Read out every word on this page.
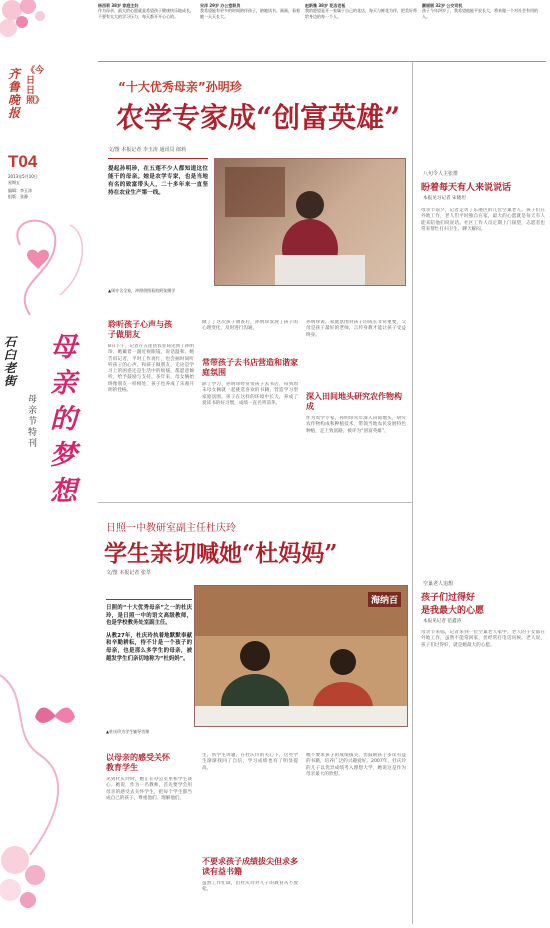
杨西莉 38岁 家庭主妇
作为母亲，最大的心愿就是希望孩子健康快乐地成长，不要有太大的学习压力，每天都开开心心的。
宋洋 29岁 办公室职员
我希望能有更多的时间陪伴孩子，陪她读书、画画，看着她一天天长大。
赵新雅 38岁 花店老板
我的愿望是开一家属于自己的花店，每天与鲜花为伴，把美好带给身边的每一个人。
颜丽丽 32岁 公交司机
孩子今年四岁了，我希望他能平安长大，将来做一个对社会有用的人。
齐鲁晚报
《今日日照》
T04
2013年5月10日
星期五
编辑：李玉涛
组版：张静
石臼老街
母亲的梦想
母亲节特刊
“十大优秀母亲”孙明珍
农学专家成“创富英雄”
文/图 本报记者 李玉涛 通讯员 郎莉
提起孙明珍，在五莲不少人都知道这位能干的母亲。她是农学专家，也是当地有名的致富带头人，二十多年来一直坚持在农业生产第一线。
▲周亦含全家，冲照供图看拍阿张摄学
聆听孩子心声与孩子做朋友
8日下午，记者在五莲县农业局见到了孙明珍，她戴着一副近视眼镜，说话温和。她告诉记者，平时工作再忙，也会抽时间听听孩子的心声，和孩子做朋友，无论是学习上的困惑还是生活中的烦恼，都愿意倾听，给予鼓励与支持。多年来，母女俩始终像朋友一样相处，孩子也养成了乐观开朗的性格。
做了了这次孩子调查后，孙明珍发现了孩子的心理变化，及时进行沟通。
常带孩子去书店营造和谐家庭氛围
除了学习，孙明珍经常带孩子去书店，每到周末母女俩就一起挑选喜欢的书籍，营造学习型家庭氛围。孩子在这样的环境中长大，养成了爱读书的好习惯，成绩一直名列前茅。
孙明珍说，家庭氛围对孩子的成长非常重要，父母是孩子最好的老师，言传身教才能让孩子受益终身。
深入田间地头研究农作物构成
作为农学专家，孙明珍常年深入田间地头，研究农作物构成和种植技术，带领当地农民发展特色种植，走上致富路，被评为“创富英雄”。
八句令人主张排
盼着每天有人来说说话
本报见习记者 宋晓坦
母亲节前夕，记者走访了东港区的几位空巢老人。孩子们在外地工作，老人们平时独自在家，最大的心愿就是每天有人能来陪他们说说话。社区工作人员定期上门探望，志愿者也常来帮忙打扫卫生、聊天解闷。
空巢老人追想
孩子们过得好
是我最大的心愿
本报见记者 范鑫涛
母亲节来临，记者来到一位空巢老人家中。老人的子女都在外地工作，虽然不能常回家，但经常打电话问候。老人说，孩子们过得好，就是她最大的心愿。
日照一中教研室副主任杜庆玲
学生亲切喊她“杜妈妈”
文/图 本报记者 张萃
日照的“十大优秀母亲”之一的杜庆玲，是日照一中的语文高级教师，也是学校教务处室副主任。
从教27年，杜庆玲执着地默默奉献和辛勤耕耘，待不计是一个孩子的母亲，也是那么多学生的母亲，被越发学生们亲切地称为“杜妈妈”。
海纳百
▲杜庆玲为学生辅导功课
以母亲的感受关怀教育学生
见到杜庆玲时，她正在办公室里和学生谈心。她说，作为一名教师，首先要学会用母亲的感受去关怀学生，把每个学生都当成自己的孩子，尊重他们、理解他们。
生，帮学生讲题，在杜庆玲的关心下，这些学生渐渐找回了自信，学习成绩也有了明显提高。
不要求孩子成绩拔尖但求多读有益书籍
虽然工作忙碌，但杜庆玲对儿子的教育从不放松。
她不要求孩子的成绩拔尖，但鼓励孩子多读有益的书籍，培养广泛的兴趣爱好。2007年，杜庆玲的儿子以优异成绩考入理想大学，她说这是作为母亲最大的欣慰。
